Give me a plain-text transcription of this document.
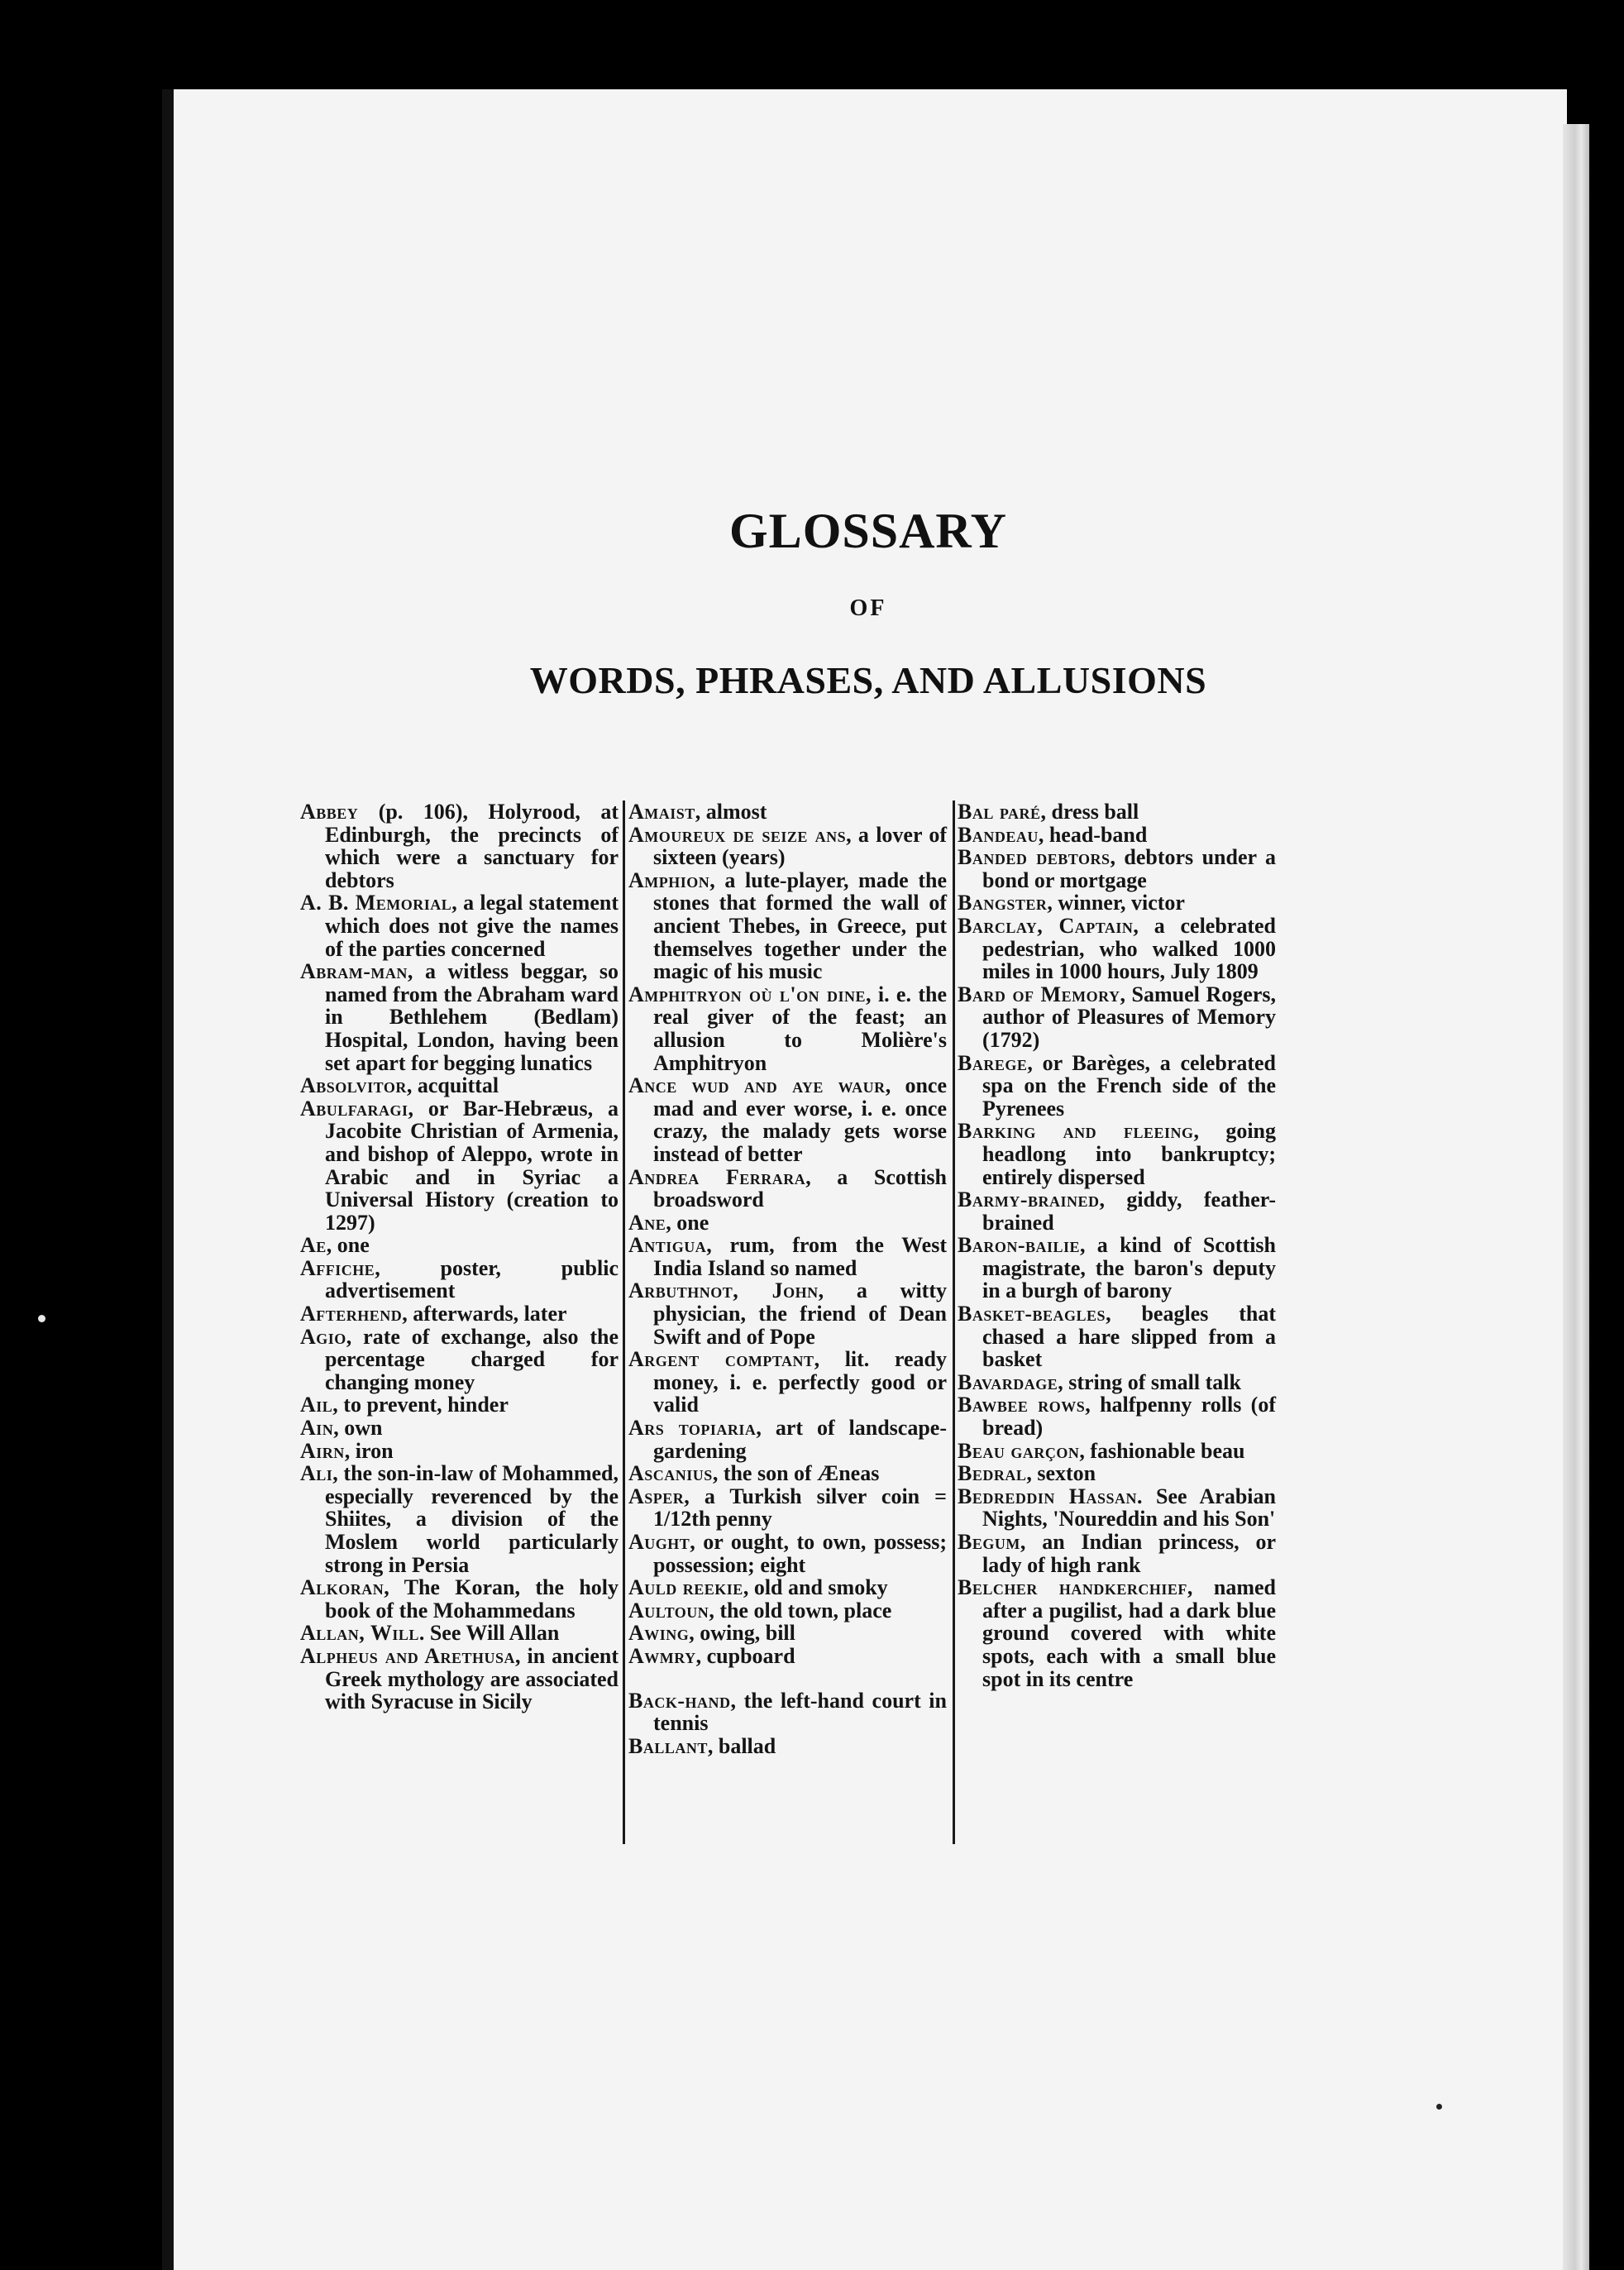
GLOSSARY
OF
WORDS, PHRASES, AND ALLUSIONS

Abbey (p. 106), Holyrood, at Edinburgh, the precincts of which were a sanctuary for debtors

A. B. Memorial, a legal statement which does not give the names of the parties concerned

Abram-man, a witless beggar, so named from the Abraham ward in Bethlehem (Bedlam) Hospital, London, having been set apart for begging lunatics

Absolvitor, acquittal

Abulfaragi, or Bar-Hebræus, a Jacobite Christian of Armenia, and bishop of Aleppo, wrote in Arabic and in Syriac a Universal History (creation to 1297)

Ae, one

Affiche, poster, public advertisement

Afterhend, afterwards, later

Agio, rate of exchange, also the percentage charged for changing money

Ail, to prevent, hinder

Ain, own

Airn, iron

Ali, the son-in-law of Mohammed, especially reverenced by the Shiites, a division of the Moslem world particularly strong in Persia

Alkoran, The Koran, the holy book of the Mohammedans

Allan, Will. See Will Allan

Alpheus and Arethusa, in ancient Greek mythology are associated with Syracuse in Sicily

Amaist, almost

Amoureux de seize ans, a lover of sixteen (years)

Amphion, a lute-player, made the stones that formed the wall of ancient Thebes, in Greece, put themselves together under the magic of his music

Amphitryon où l'on dine, i. e. the real giver of the feast; an allusion to Molière's Amphitryon

Ance wud and aye waur, once mad and ever worse, i. e. once crazy, the malady gets worse instead of better

Andrea Ferrara, a Scottish broadsword

Ane, one

Antigua, rum, from the West India Island so named

Arbuthnot, John, a witty physician, the friend of Dean Swift and of Pope

Argent comptant, lit. ready money, i. e. perfectly good or valid

Ars topiaria, art of landscape-gardening

Ascanius, the son of Æneas

Asper, a Turkish silver coin = 1/12th penny

Aught, or ought, to own, possess; possession; eight

Auld reekie, old and smoky

Aultoun, the old town, place

Awing, owing, bill

Awmry, cupboard

Back-hand, the left-hand court in tennis

Ballant, ballad

Bal paré, dress ball

Bandeau, head-band

Banded debtors, debtors under a bond or mortgage

Bangster, winner, victor

Barclay, Captain, a celebrated pedestrian, who walked 1000 miles in 1000 hours, July 1809

Bard of Memory, Samuel Rogers, author of Pleasures of Memory (1792)

Barege, or Barèges, a celebrated spa on the French side of the Pyrenees

Barking and fleeing, going headlong into bankruptcy; entirely dispersed

Barmy-brained, giddy, feather-brained

Baron-bailie, a kind of Scottish magistrate, the baron's deputy in a burgh of barony

Basket-beagles, beagles that chased a hare slipped from a basket

Bavardage, string of small talk

Bawbee rows, halfpenny rolls (of bread)

Beau garçon, fashionable beau

Bedral, sexton

Bedreddin Hassan. See Arabian Nights, 'Noureddin and his Son'

Begum, an Indian princess, or lady of high rank

Belcher handkerchief, named after a pugilist, had a dark blue ground covered with white spots, each with a small blue spot in its centre
